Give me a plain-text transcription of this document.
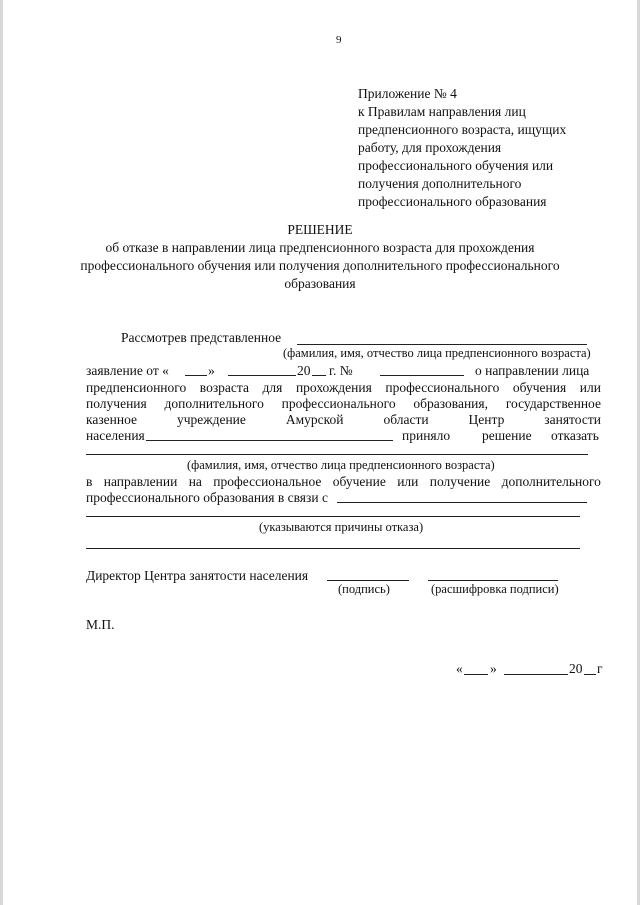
9
Приложение № 4
к Правилам направления лиц
предпенсионного возраста, ищущих
работу, для прохождения
профессионального обучения или
получения дополнительного
профессионального образования
РЕШЕНИЕ
об отказе в направлении лица предпенсионного возраста для прохождения
профессионального обучения или получения дополнительного профессионального
образования
Рассмотрев представленное
(фамилия, имя, отчество лица предпенсионного возраста)
заявление от «	»	20 г. №	о направлении лица
предпенсионного возраста для прохождения профессионального обучения или
получения дополнительного профессионального образования, государственное
казенное	учреждение	Амурской	области	Центр	занятости
населения	приняло решение отказать
(фамилия, имя, отчество лица предпенсионного возраста)
в направлении на профессиональное обучение или получение дополнительного
профессионального образования в связи с
(указываются причины отказа)
Директор Центра занятости населения
(подпись)	(расшифровка подписи)
М.П.
« »	20 г
